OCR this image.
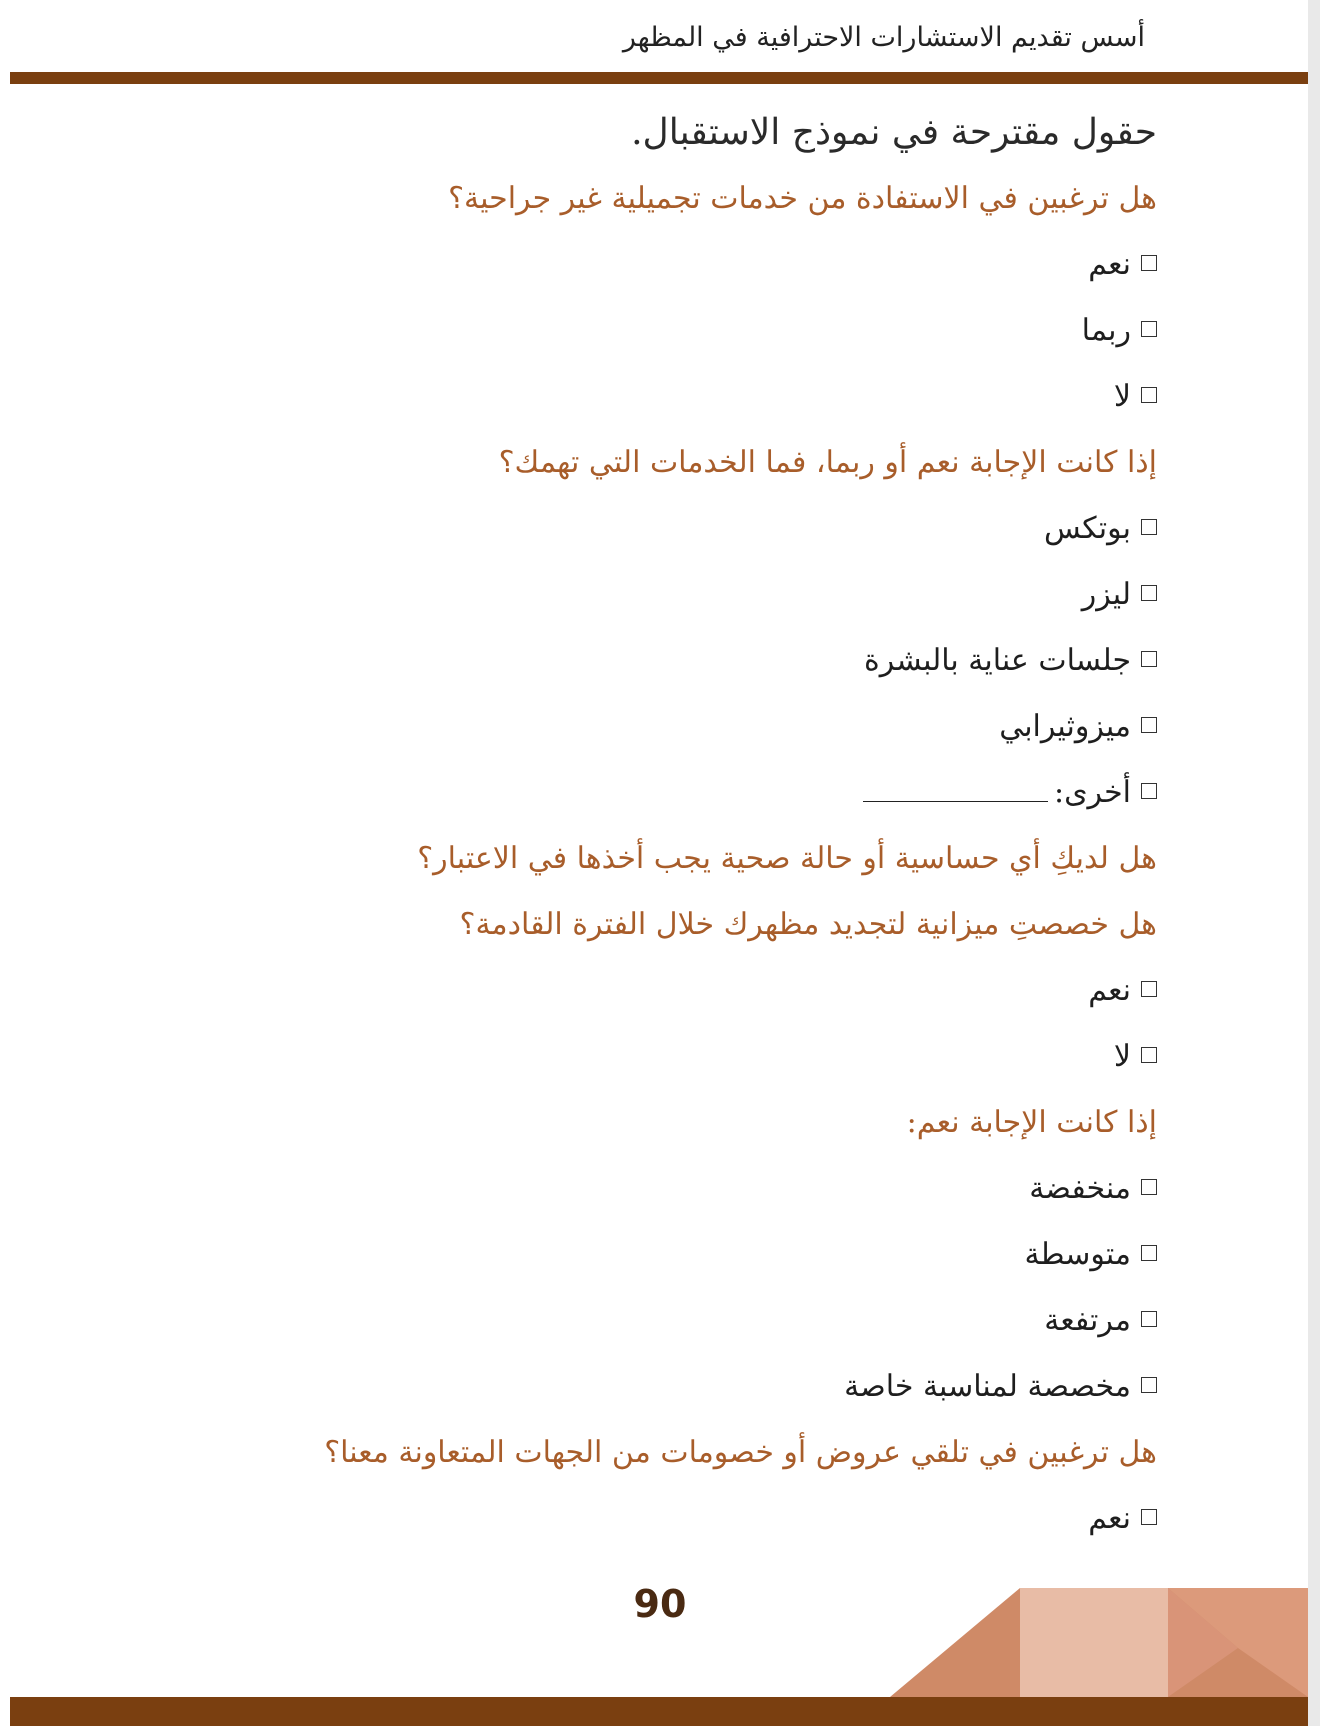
أسس تقديم الاستشارات الاحترافية في المظهر
حقول مقترحة في نموذج الاستقبال.
هل ترغبين في الاستفادة من خدمات تجميلية غير جراحية؟
نعم
ربما
لا
إذا كانت الإجابة نعم أو ربما، فما الخدمات التي تهمك؟
بوتكس
ليزر
جلسات عناية بالبشرة
ميزوثيرابي
أخرى:
هل لديكِ أي حساسية أو حالة صحية يجب أخذها في الاعتبار؟
هل خصصتِ ميزانية لتجديد مظهرك خلال الفترة القادمة؟
نعم
لا
إذا كانت الإجابة نعم:
منخفضة
متوسطة
مرتفعة
مخصصة لمناسبة خاصة
هل ترغبين في تلقي عروض أو خصومات من الجهات المتعاونة معنا؟
نعم
90
